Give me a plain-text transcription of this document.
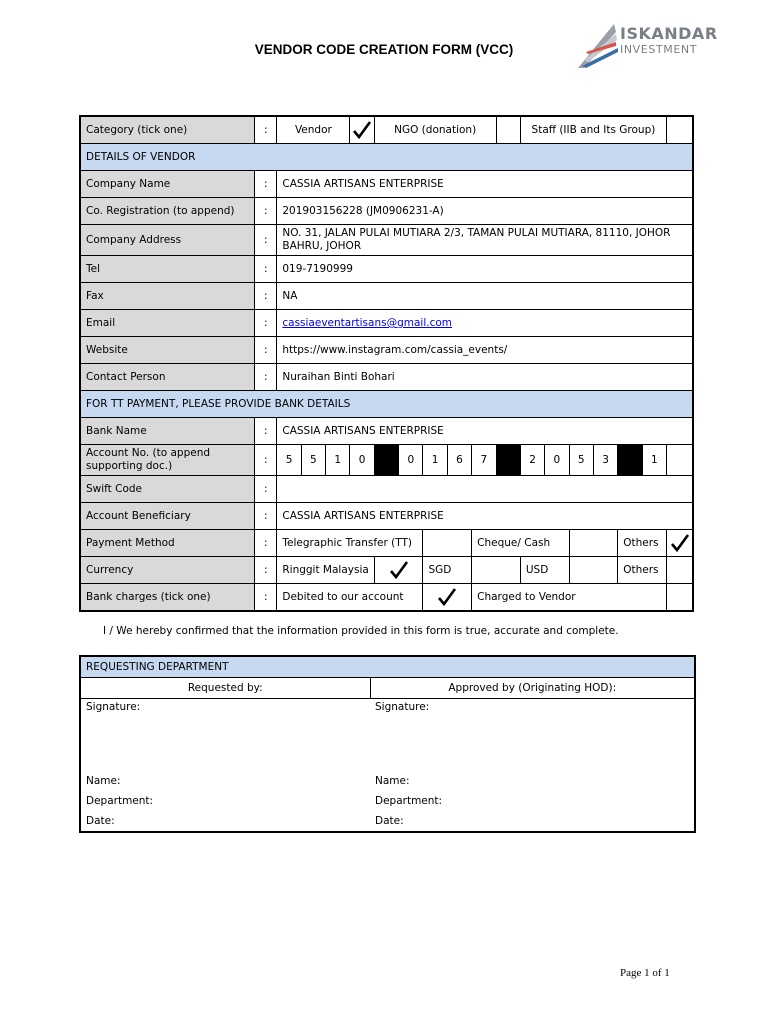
VENDOR CODE CREATION FORM (VCC)
ISKANDAR
INVESTMENT
Category (tick one)	:	Vendor				NGO (donation)						Staff (IIB and Its Group)						
DETAILS OF VENDOR																		
Company Name	:	CASSIA ARTISANS ENTERPRISE																
Co. Registration (to append)	:	201903156228 (JM0906231-A)																
Company Address	:	NO. 31, JALAN PULAI MUTIARA 2/3, TAMAN PULAI MUTIARA, 81110, JOHOR BAHRU, JOHOR																
Tel	:	019-7190999																
Fax	:	NA																
Email	:	cassiaeventartisans@gmail.com																
Website	:	https://www.instagram.com/cassia_events/																
Contact Person	:	Nuraihan Binti Bohari																
FOR TT PAYMENT, PLEASE PROVIDE BANK DETAILS																		
Bank Name	:	CASSIA ARTISANS ENTERPRISE																
Account No. (to append supporting doc.)	:	5	5	1	0		0	1	6	7		2	0	5	3		1	
Swift Code	:																	
Account Beneficiary	:	CASSIA ARTISANS ENTERPRISE																
Payment Method	:	Telegraphic Transfer (TT)								Cheque/ Cash						Others	

Currency	:	Ringgit Malaysia						SGD				USD				Others		
Bank charges (tick one)	:	Debited to our account								Charged to Vendor								
I / We hereby confirmed that the information provided in this form is true, accurate and complete.
REQUESTING DEPARTMENT	
Requested by:	Approved by (Originating HOD):
Signature:	Signature:
Name:	Name:
Department:	Department:
Date:	Date:
Page 1 of 1
